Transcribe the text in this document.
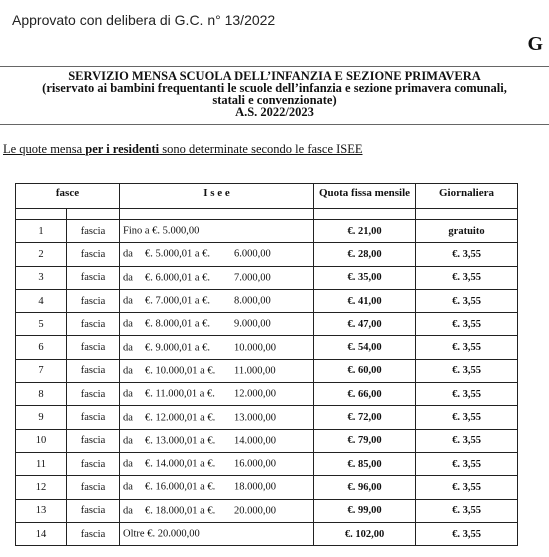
Approvato con delibera di G.C. n° 13/2022
G
SERVIZIO MENSA SCUOLA DELL’INFANZIA E SEZIONE PRIMAVERA
(riservato ai bambini frequentanti le scuole dell’infanzia e sezione primavera comunali,
statali e convenzionate)
A.S. 2022/2023
Le quote mensa per i residenti sono determinate secondo le fasce ISEE
fasce		I s e e	Quota fissa mensile	Giornaliera

1	fascia	Fino a €. 5.000,00	€. 21,00	gratuito
2	fascia	da €. 5.000,01 a €. 6.000,00	€. 28,00	€. 3,55
3	fascia	da €. 6.000,01 a €. 7.000,00	€. 35,00	€. 3,55
4	fascia	da €. 7.000,01 a €. 8.000,00	€. 41,00	€. 3,55
5	fascia	da €. 8.000,01 a €. 9.000,00	€. 47,00	€. 3,55
6	fascia	da €. 9.000,01 a €. 10.000,00	€. 54,00	€. 3,55
7	fascia	da €. 10.000,01 a €. 11.000,00	€. 60,00	€. 3,55
8	fascia	da €. 11.000,01 a €. 12.000,00	€. 66,00	€. 3,55
9	fascia	da €. 12.000,01 a €. 13.000,00	€. 72,00	€. 3,55
10	fascia	da €. 13.000,01 a €. 14.000,00	€. 79,00	€. 3,55
11	fascia	da €. 14.000,01 a €. 16.000,00	€. 85,00	€. 3,55
12	fascia	da €. 16.000,01 a €. 18.000,00	€. 96,00	€. 3,55
13	fascia	da €. 18.000,01 a €. 20.000,00	€. 99,00	€. 3,55
14	fascia	Oltre €. 20.000,00	€. 102,00	€. 3,55
